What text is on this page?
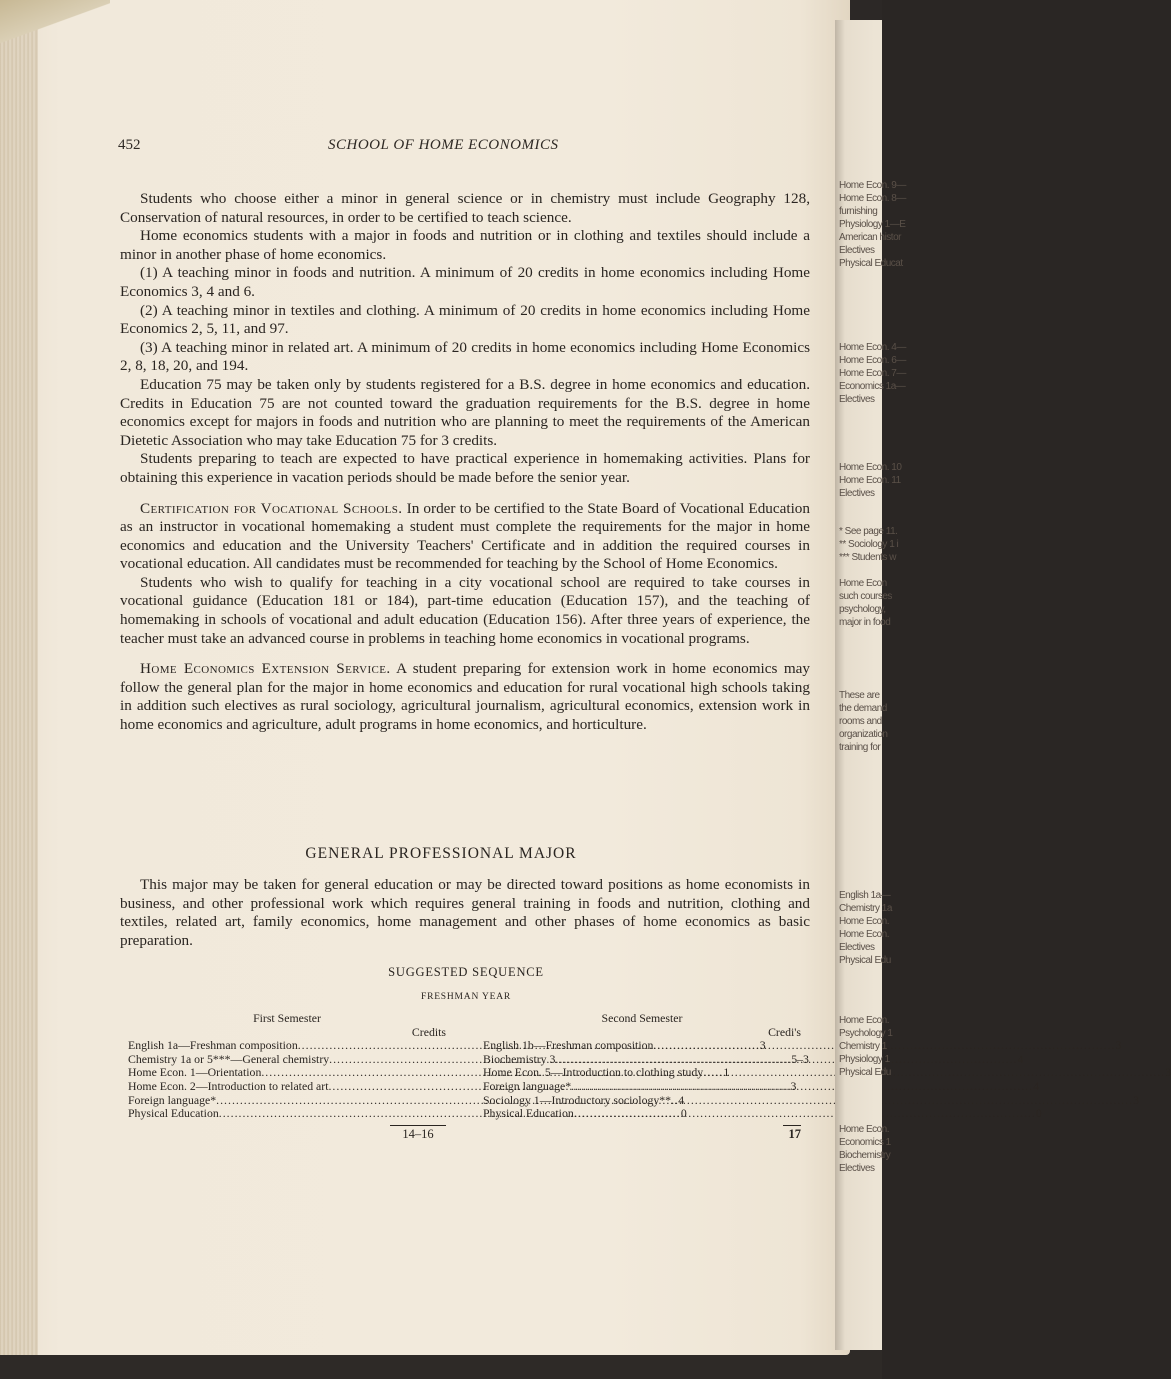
452	SCHOOL OF HOME ECONOMICS

Students who choose either a minor in general science or in chemistry must include Geography 128, Conservation of natural resources, in order to be certified to teach science.

Home economics students with a major in foods and nutrition or in clothing and textiles should include a minor in another phase of home economics.

(1) A teaching minor in foods and nutrition. A minimum of 20 credits in home economics including Home Economics 3, 4 and 6.

(2) A teaching minor in textiles and clothing. A minimum of 20 credits in home economics including Home Economics 2, 5, 11, and 97.

(3) A teaching minor in related art. A minimum of 20 credits in home economics including Home Economics 2, 8, 18, 20, and 194.

Education 75 may be taken only by students registered for a B.S. degree in home economics and education. Credits in Education 75 are not counted toward the graduation requirements for the B.S. degree in home economics except for majors in foods and nutrition who are planning to meet the requirements of the American Dietetic Association who may take Education 75 for 3 credits.

Students preparing to teach are expected to have practical experience in homemaking activities. Plans for obtaining this experience in vacation periods should be made before the senior year.

Certification for Vocational Schools. In order to be certified to the State Board of Vocational Education as an instructor in vocational homemaking a student must complete the requirements for the major in home economics and education and the University Teachers' Certificate and in addition the required courses in vocational education. All candidates must be recommended for teaching by the School of Home Economics.

Students who wish to qualify for teaching in a city vocational school are required to take courses in vocational guidance (Education 181 or 184), part-time education (Education 157), and the teaching of homemaking in schools of vocational and adult education (Education 156). After three years of experience, the teacher must take an advanced course in problems in teaching home economics in vocational programs.

Home Economics Extension Service. A student preparing for extension work in home economics may follow the general plan for the major in home economics and education for rural vocational high schools taking in addition such electives as rural sociology, agricultural journalism, agricultural economics, extension work in home economics and agriculture, adult programs in home economics, and horticulture.

GENERAL PROFESSIONAL MAJOR

This major may be taken for general education or may be directed toward positions as home economists in business, and other professional work which requires general training in foods and nutrition, clothing and textiles, related art, family economics, home management and other phases of home economics as basic preparation.

SUGGESTED SEQUENCE
FRESHMAN YEAR
First Semester
Credits
English 1a—Freshman composition .....	3
Chemistry 1a or 5***—General chemistry .....	5–3
Home Econ. 1—Orientation .....	1
Home Econ. 2—Introduction to related art .....	3
Foreign language* .....	4
Physical Education .....	0
14–16
Second Semester
Credi's
English 1b—Freshman composition .....	3
Biochemistry 3 .....	4
Home Econ. 5—Introduction to clothing study .....	3
Foreign language* .....	4
Sociology 1—Introductory sociology** .....	3
Physical Education .....	0
17
Home Econ. 9—
Home Econ. 8—
furnishing
Physiology 1—E
American histor
Electives
Physical Educat
Home Econ. 4—
Home Econ. 6—
Home Econ. 7—
Economics 1a—
Electives
Home Econ. 10
Home Econ. 11
Electives
* See page 11.
** Sociology 1 i
*** Students w
Home Econ
such courses
psychology,
major in food
These are
the demand
rooms and
organization
training for
English 1a—
Chemistry 1a
Home Econ.
Home Econ.
Electives
Physical Edu
Home Econ.
Psychology 1
Chemistry 1
Physiology 1
Physical Edu
Home Econ.
Economics 1
Biochemistry
Electives
